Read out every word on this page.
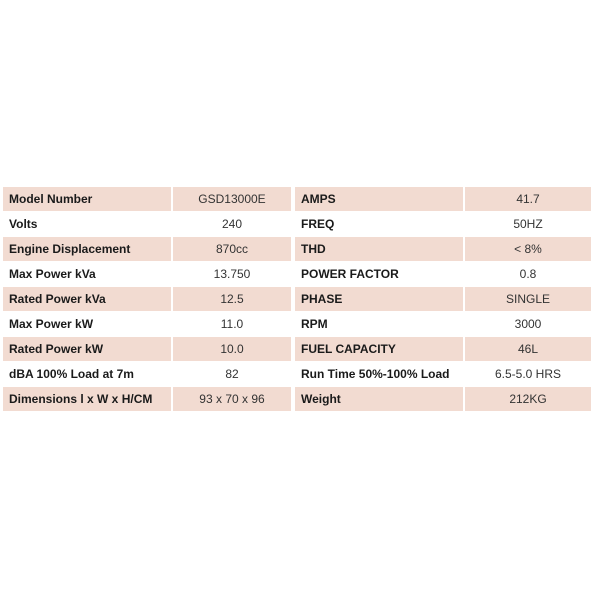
Model Number	GSD13000E
Volts	240
Engine Displacement	870cc
Max Power kVa	13.750
Rated Power kVa	12.5
Max Power kW	11.0
Rated Power kW	10.0
dBA 100% Load at 7m	82
Dimensions l x W x H/CM	93 x 70 x 96
AMPS	41.7
FREQ	50HZ
THD	< 8%
POWER FACTOR	0.8
PHASE	SINGLE
RPM	3000
FUEL CAPACITY	46L
Run Time 50%-100% Load	6.5-5.0 HRS
Weight	212KG
